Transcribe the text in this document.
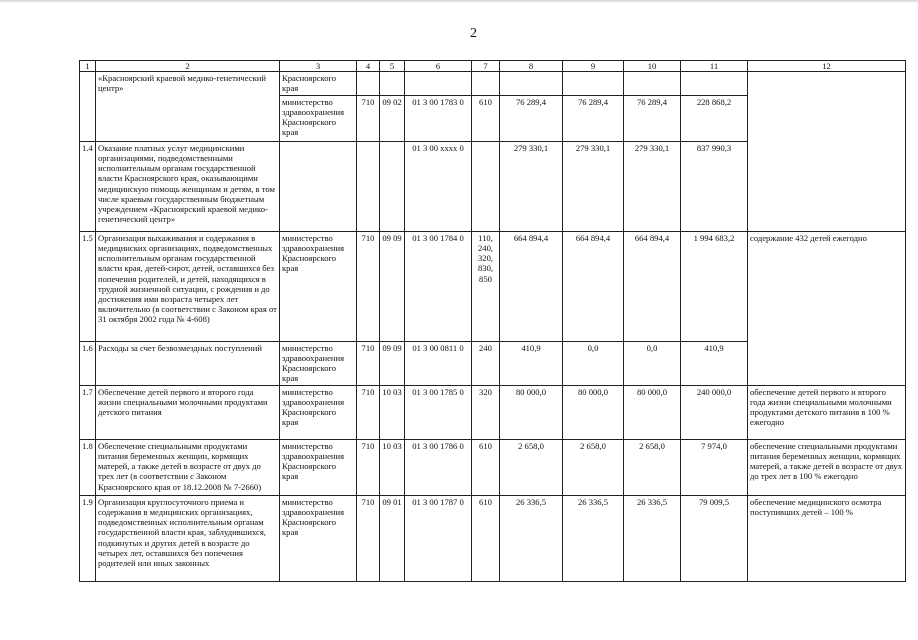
2
1	2	3	4	5	6	7	8	9	10	11	12
	«Красноярский краевой медико-генетический центр»	Красноярского края									
		министерство здравоохранения Красноярского края	710	09 02	01 3 00 1783 0	610	76 289,4	76 289,4	76 289,4	228 868,2	
1.4	Оказание платных услуг медицинскими организациями, подведомственными исполнительным органам государственной власти Красноярского края, оказывающими медицинскую помощь женщинам и детям, в том числе краевым государственным бюджетным учреждением «Красноярский краевой медико-генетический центр»				01 3 00 хххх 0		279 330,1	279 330,1	279 330,1	837 990,3	
1.5	Организация выхаживания и содержания в медицинских организациях, подведомственных исполнительным органам государственной власти края, детей-сирот, детей, оставшихся без попечения родителей, и детей, находящихся в трудной жизненной ситуации, с рождения и до достижения ими возраста четырех лет включительно (в соответствии с Законом края от 31 октября 2002 года № 4-608)	министерство здравоохранения Красноярского края	710	09 09	01 3 00 1784 0	110, 240, 320, 830, 850	664 894,4	664 894,4	664 894,4	1 994 683,2	содержание 432 детей ежегодно
1.6	Расходы за счет безвозмездных поступлений	министерство здравоохранения Красноярского края	710	09 09	01 3 00 0811 0	240	410,9	0,0	0,0	410,9	
1.7	Обеспечение детей первого и второго года жизни специальными молочными продуктами детского питания	министерство здравоохранения Красноярского края	710	10 03	01 3 00 1785 0	320	80 000,0	80 000,0	80 000,0	240 000,0	обеспечение детей первого и второго года жизни специальными молочными продуктами детского питания в 100 % ежегодно
1.8	Обеспечение специальными продуктами питания беременных женщин, кормящих матерей, а также детей в возрасте от двух до трех лет (в соответствии с Законом Красноярского края от 18.12.2008 № 7-2660)	министерство здравоохранения Красноярского края	710	10 03	01 3 00 1786 0	610	2 658,0	2 658,0	2 658,0	7 974,0	обеспечение специальными продуктами питания беременных женщин, кормящих матерей, а также детей в возрасте от двух до трех лет в 100 % ежегодно
1.9	Организация круглосуточного приема и содержания в медицинских организациях, подведомственных исполнительным органам государственной власти края, заблудившихся, подкинутых и других детей в возрасте до четырех лет, оставшихся без попечения родителей или иных законных	министерство здравоохранения Красноярского края	710	09 01	01 3 00 1787 0	610	26 336,5	26 336,5	26 336,5	79 009,5	обеспечение медицинского осмотра поступивших детей – 100 %
